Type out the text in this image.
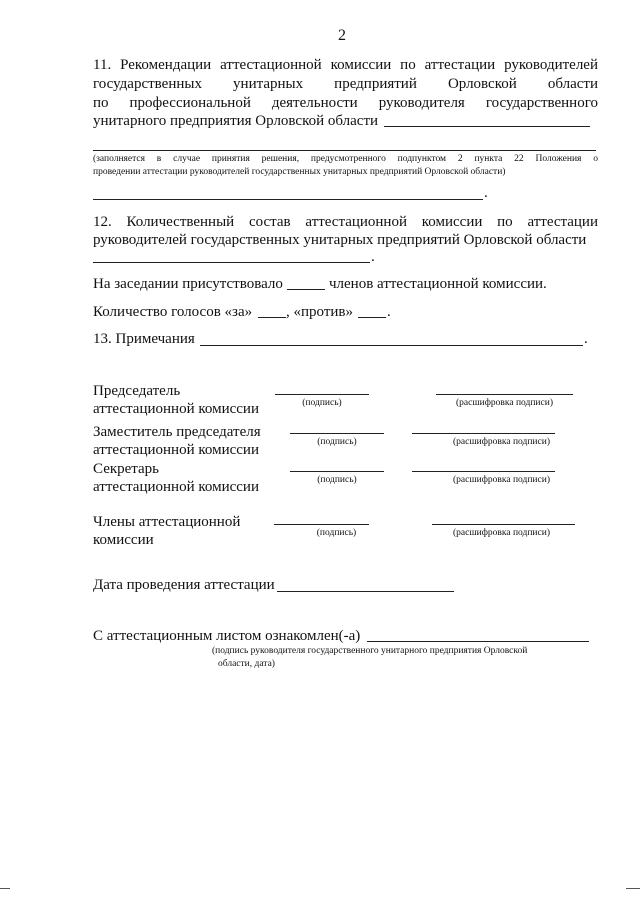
2
11. Рекомендации аттестационной комиссии по аттестации руководителей
государственных унитарных предприятий Орловской области
по профессиональной деятельности руководителя государственного
унитарного предприятия Орловской области
(заполняется в случае принятия решения, предусмотренного подпунктом 2 пункта 22 Положения о
проведении аттестации руководителей государственных унитарных предприятий Орловской области)
.
12. Количественный состав аттестационной комиссии по аттестации
руководителей государственных унитарных предприятий Орловской области
.
На заседании присутствовало	членов аттестационной комиссии.
Количество голосов «за» , «против» .
13. Примечания	.
Председатель
аттестационной комиссии	(подпись)	(расшифровка подписи)
Заместитель председателя
аттестационной комиссии	(подпись)	(расшифровка подписи)
Секретарь
аттестационной комиссии	(подпись)	(расшифровка подписи)
Члены аттестационной
комиссии	(подпись)	(расшифровка подписи)
Дата проведения аттестации
С аттестационным листом ознакомлен(-а)
(подпись руководителя государственного унитарного предприятия Орловской
области, дата)
